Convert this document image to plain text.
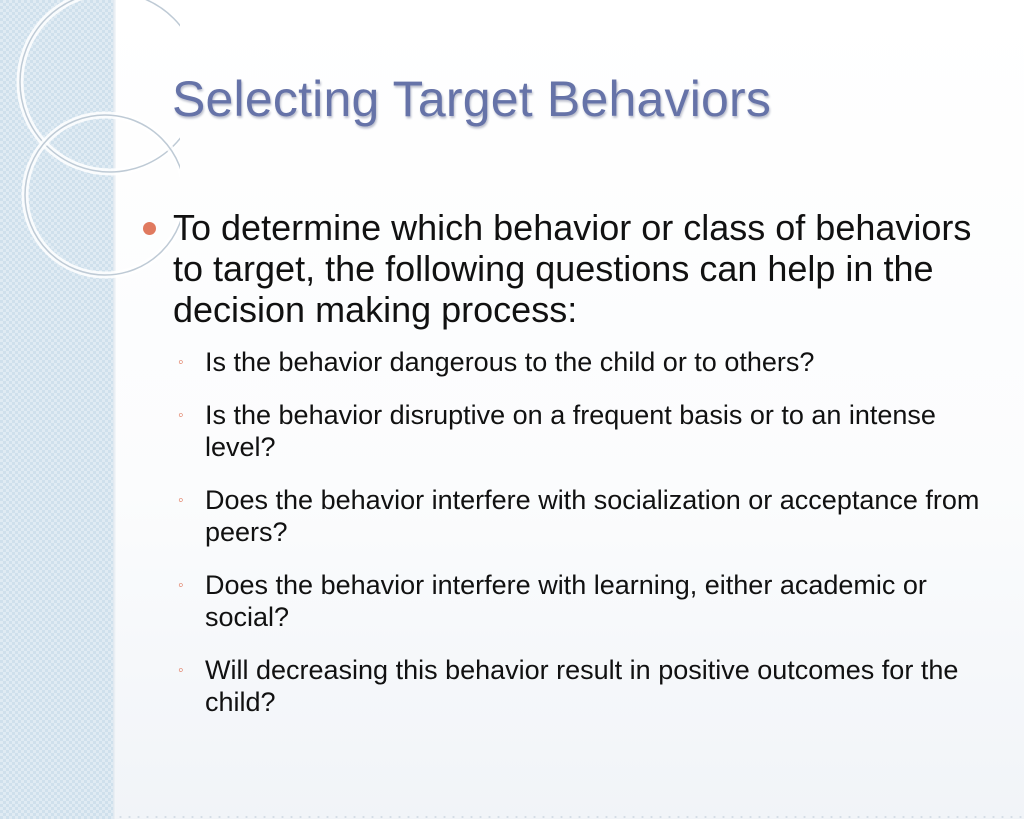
Selecting Target Behaviors
To determine which behavior or class of behaviors to target, the following questions can help in the decision making process:
◦ Is the behavior dangerous to the child or to others?
◦ Is the behavior disruptive on a frequent basis or to an intense level?
◦ Does the behavior interfere with socialization or acceptance from peers?
◦ Does the behavior interfere with learning, either academic or social?
◦ Will decreasing this behavior result in positive outcomes for the child?
